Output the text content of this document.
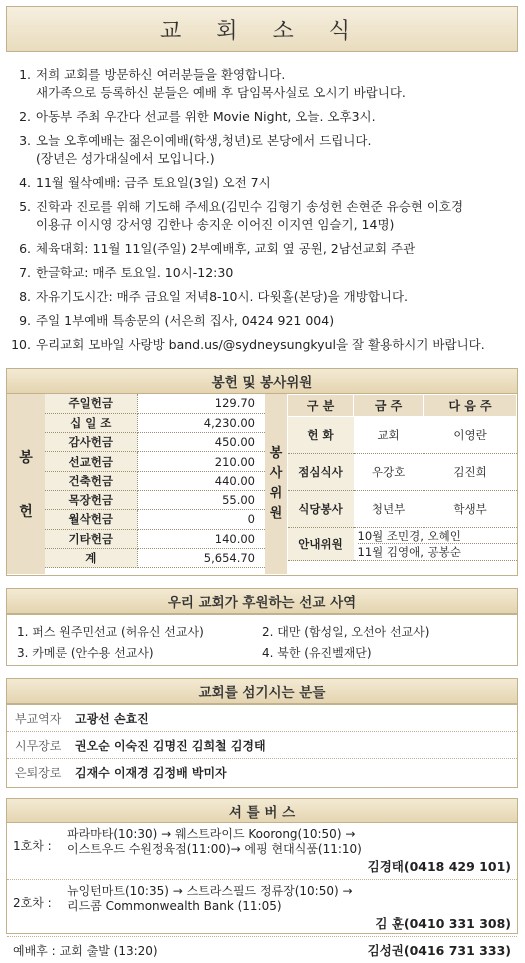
교 회 소 식
1. 저희 교회를 방문하신 여러분들을 환영합니다.
새가족으로 등록하신 분들은 예배 후 담임목사실로 오시기 바랍니다.
2. 아동부 주최 우간다 선교를 위한 Movie Night, 오늘. 오후3시.
3. 오늘 오후예배는 젊은이예배(학생,청년)로 본당에서 드립니다.
(장년은 성가대실에서 모입니다.)
4. 11월 월삭예배: 금주 토요일(3일) 오전 7시
5. 진학과 진로를 위해 기도해 주세요(김민수 김형기 송성헌 손현준 유승현 이호경
이용규 이시영 강서영 김한나 송지운 이어진 이지연 임슬기, 14명)
6. 체육대회: 11월 11일(주일) 2부예배후, 교회 옆 공원, 2남선교회 주관
7. 한글학교: 매주 토요일. 10시-12:30
8. 자유기도시간: 매주 금요일 저녁8-10시. 다윗홀(본당)을 개방합니다.
9. 주일 1부예배 특송문의 (서은희 집사, 0424 921 004)
10. 우리교회 모바일 사랑방 band.us/@sydneysungkyul을 잘 활용하시기 바랍니다.
봉헌 및 봉사위원
봉
헌
주일헌금	129.70
십 일 조	4,230.00
감사헌금	450.00
선교헌금	210.00
건축헌금	440.00
목장헌금	55.00
월삭헌금	0
기타헌금	140.00
계	5,654.70
봉
사
위
원
구 분	금 주	다 음 주
헌 화	교회	이영란
점심식사	우강호	김진희
식당봉사	청년부	학생부
안내위원	10월 조민경, 오혜인
11월 김영애, 공봉순	
우리 교회가 후원하는 선교 사역
1. 퍼스 원주민선교 (허유신 선교사)	2. 대만 (함성일, 오선아 선교사)
3. 카메룬 (안수용 선교사)	4. 북한 (유진벨재단)
교회를 섬기시는 분들
부교역자	고광선 손효진
시무장로	권오순 이숙진 김명진 김희철 김경태
은퇴장로	김재수 이재경 김정배 박미자
셔 틀 버 스
1호차 :
파라마타(10:30) → 웨스트라이드 Koorong(10:50) →
이스트우드 수원정육점(11:00)→ 에핑 현대식품(11:10)
김경태(0418 429 101)
2호차 :
뉴잉턴마트(10:35) → 스트라스필드 정류장(10:50) →
리드콤 Commonwealth Bank (11:05)
김 훈(0410 331 308)
예배후 : 교회 출발 (13:20)	김성권(0416 731 333)
